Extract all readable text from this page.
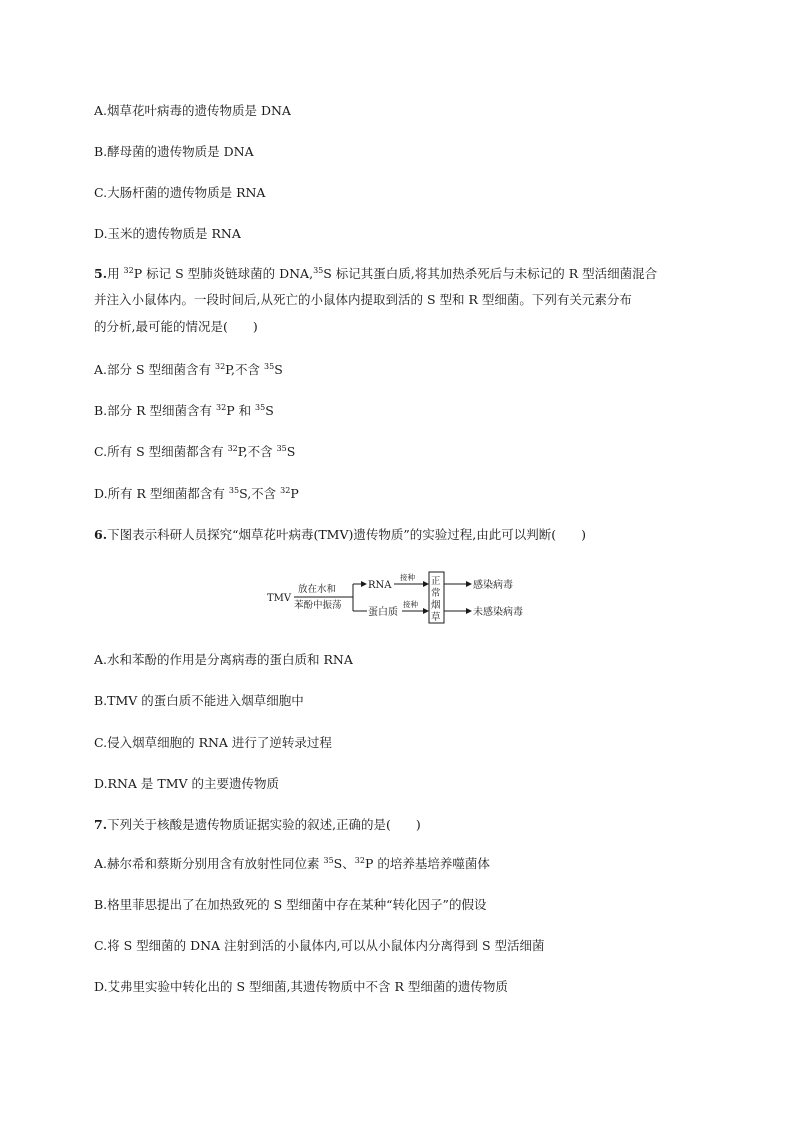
A.烟草花叶病毒的遗传物质是 DNA
B.酵母菌的遗传物质是 DNA
C.大肠杆菌的遗传物质是 RNA
D.玉米的遗传物质是 RNA
5.用 $^{32}$P 标记 S 型肺炎链球菌的 DNA,$^{35}$S 标记其蛋白质,将其加热杀死后与未标记的 R 型活细菌混合
并注入小鼠体内。一段时间后,从死亡的小鼠体内提取到活的 S 型和 R 型细菌。下列有关元素分布
的分析,最可能的情况是(　　)
A.部分 S 型细菌含有 $^{32}$P,不含 $^{35}$S
B.部分 R 型细菌含有 $^{32}$P 和 $^{35}$S
C.所有 S 型细菌都含有 $^{32}$P,不含 $^{35}$S
D.所有 R 型细菌都含有 $^{35}$S,不含 $^{32}$P
6.下图表示科研人员探究“烟草花叶病毒(TMV)遗传物质”的实验过程,由此可以判断(　　)
TMV
放在水和
苯酚中振荡
RNA
蛋白质
接种
接种
正
常
烟
草
感染病毒
未感染病毒
A.水和苯酚的作用是分离病毒的蛋白质和 RNA
B.TMV 的蛋白质不能进入烟草细胞中
C.侵入烟草细胞的 RNA 进行了逆转录过程
D.RNA 是 TMV 的主要遗传物质
7.下列关于核酸是遗传物质证据实验的叙述,正确的是(　　)
A.赫尔希和蔡斯分别用含有放射性同位素 $^{35}$S、$^{32}$P 的培养基培养噬菌体
B.格里菲思提出了在加热致死的 S 型细菌中存在某种“转化因子”的假设
C.将 S 型细菌的 DNA 注射到活的小鼠体内,可以从小鼠体内分离得到 S 型活细菌
D.艾弗里实验中转化出的 S 型细菌,其遗传物质中不含 R 型细菌的遗传物质
